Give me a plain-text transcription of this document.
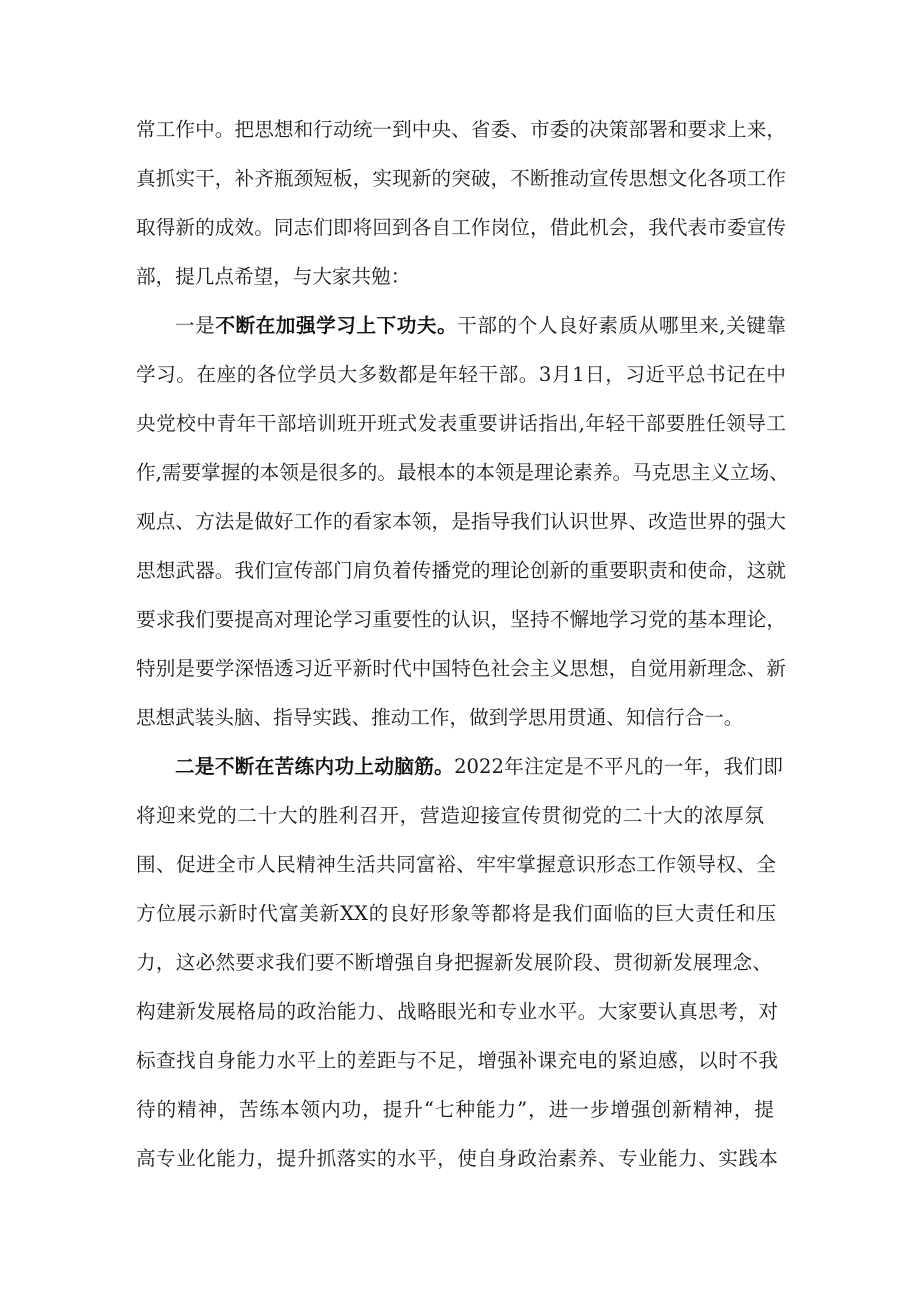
常工作中。把思想和行动统一到中央、省委、市委的决策部署和要求上来，
真抓实干，补齐瓶颈短板，实现新的突破，不断推动宣传思想文化各项工作
取得新的成效。同志们即将回到各自工作岗位，借此机会，我代表市委宣传
部，提几点希望，与大家共勉：
一是不断在加强学习上下功夫。干部的个人良好素质从哪里来,关键靠
学习。在座的各位学员大多数都是年轻干部。3月1日，习近平总书记在中
央党校中青年干部培训班开班式发表重要讲话指出,年轻干部要胜任领导工
作,需要掌握的本领是很多的。最根本的本领是理论素养。马克思主义立场、
观点、方法是做好工作的看家本领，是指导我们认识世界、改造世界的强大
思想武器。我们宣传部门肩负着传播党的理论创新的重要职责和使命，这就
要求我们要提高对理论学习重要性的认识，坚持不懈地学习党的基本理论，
特别是要学深悟透习近平新时代中国特色社会主义思想，自觉用新理念、新
思想武装头脑、指导实践、推动工作，做到学思用贯通、知信行合一。
二是不断在苦练内功上动脑筋。2022年注定是不平凡的一年，我们即
将迎来党的二十大的胜利召开，营造迎接宣传贯彻党的二十大的浓厚氛
围、促进全市人民精神生活共同富裕、牢牢掌握意识形态工作领导权、全
方位展示新时代富美新XX的良好形象等都将是我们面临的巨大责任和压
力，这必然要求我们要不断增强自身把握新发展阶段、贯彻新发展理念、
构建新发展格局的政治能力、战略眼光和专业水平。大家要认真思考，对
标查找自身能力水平上的差距与不足，增强补课充电的紧迫感，以时不我
待的精神，苦练本领内功，提升“七种能力”，进一步增强创新精神，提
高专业化能力，提升抓落实的水平，使自身政治素养、专业能力、实践本
